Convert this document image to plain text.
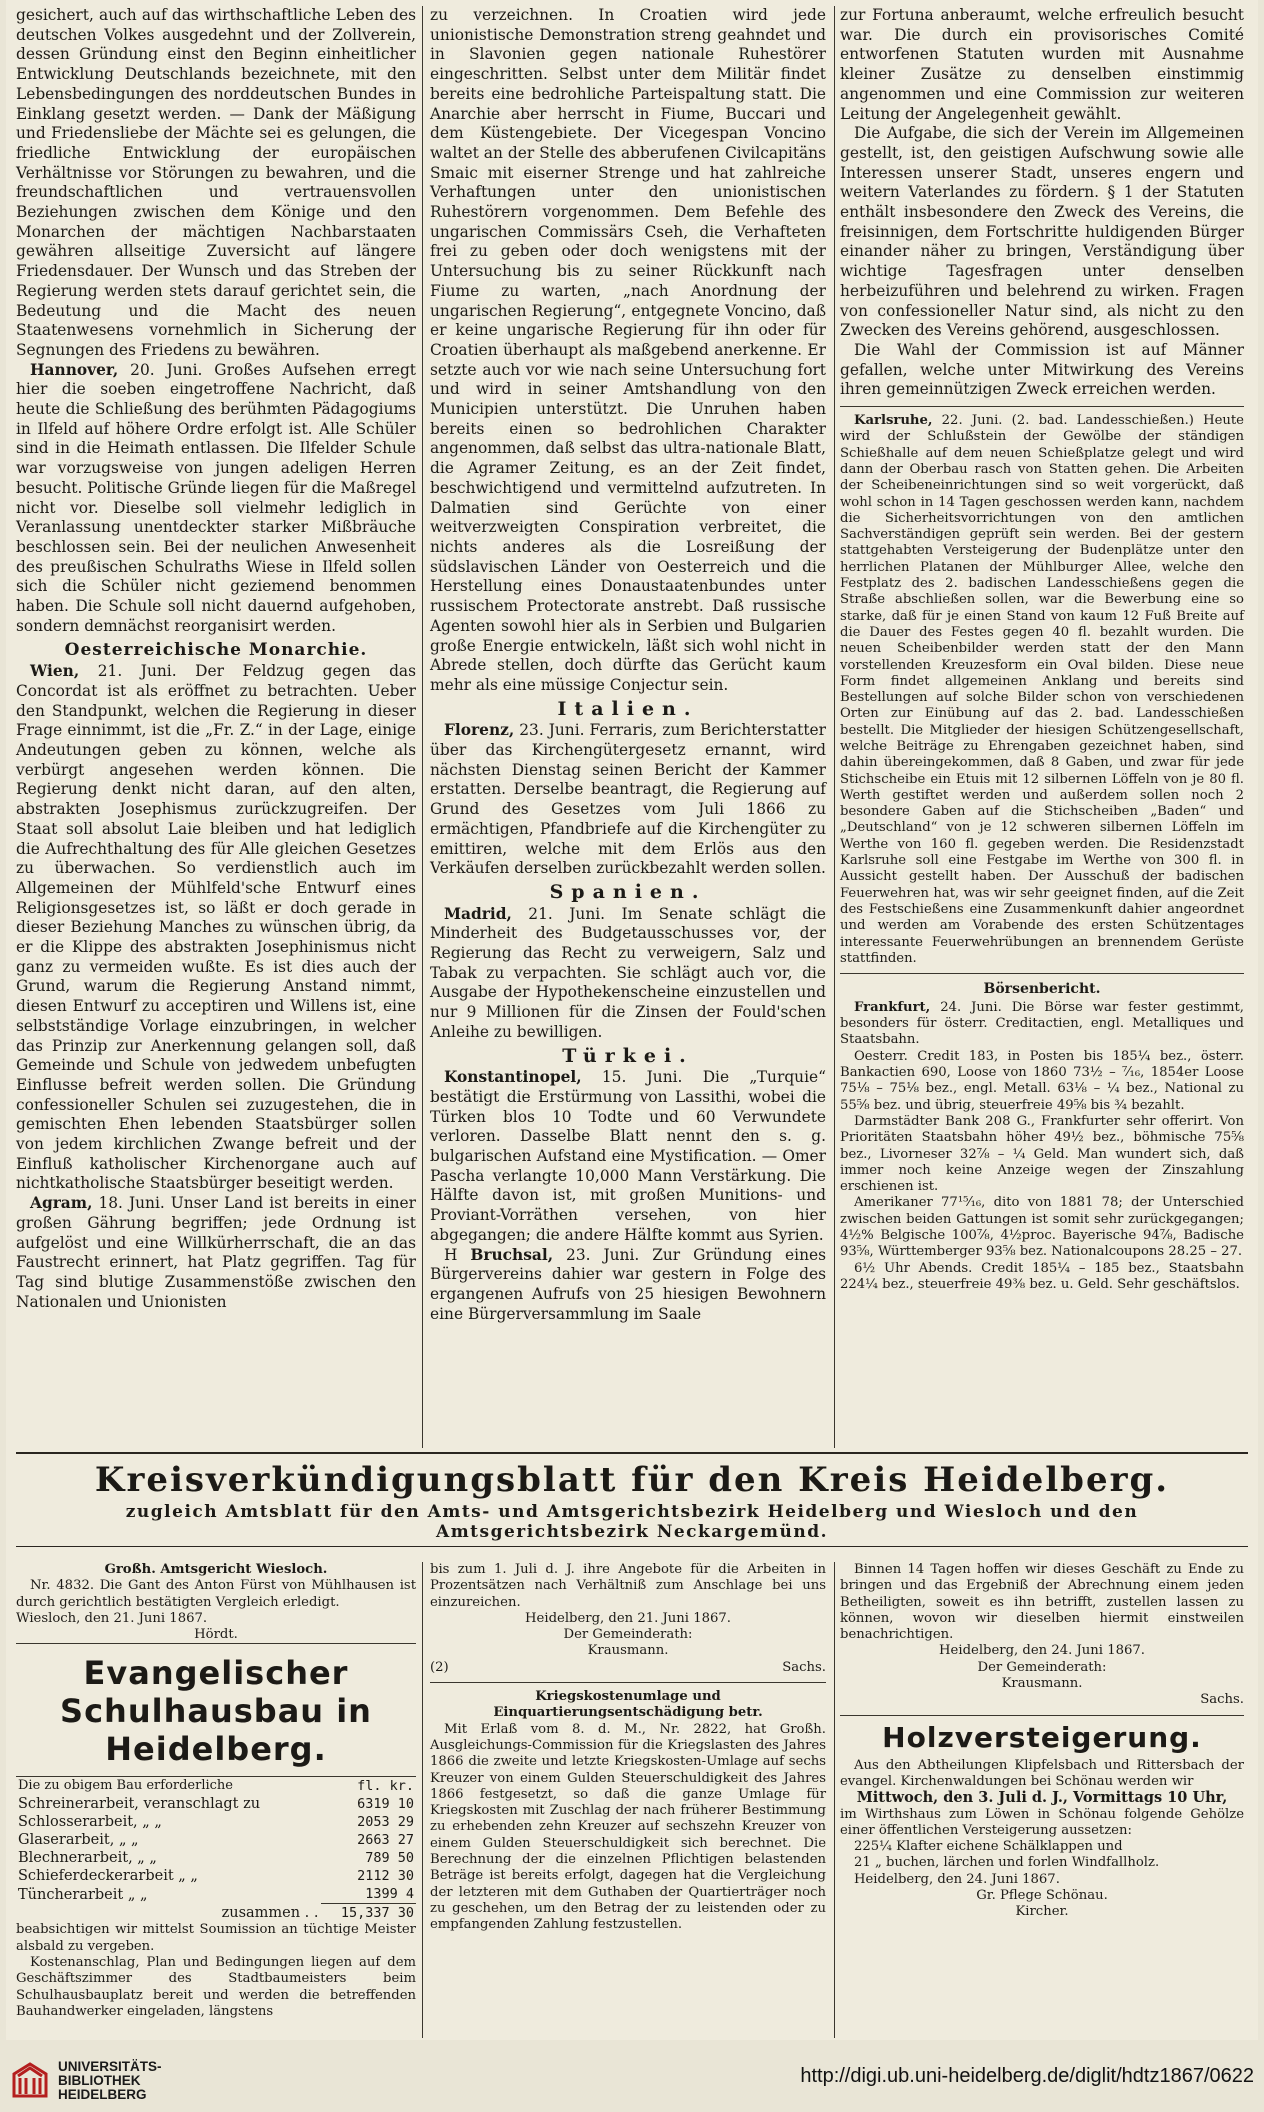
gesichert, auch auf das wirthschaftliche Leben des deutschen Volkes ausgedehnt und der Zollverein, dessen Gründung einst den Beginn einheitlicher Entwicklung Deutschlands bezeichnete, mit den Lebensbedingungen des norddeutschen Bundes in Einklang gesetzt werden. — Dank der Mäßigung und Friedensliebe der Mächte sei es gelungen, die friedliche Entwicklung der europäischen Verhältnisse vor Störungen zu bewahren, und die freundschaftlichen und vertrauensvollen Beziehungen zwischen dem Könige und den Monarchen der mächtigen Nachbarstaaten gewähren allseitige Zuversicht auf längere Friedensdauer. Der Wunsch und das Streben der Regierung werden stets darauf gerichtet sein, die Bedeutung und die Macht des neuen Staatenwesens vornehmlich in Sicherung der Segnungen des Friedens zu bewähren.

Hannover, 20. Juni. Großes Aufsehen erregt hier die soeben eingetroffene Nachricht, daß heute die Schließung des berühmten Pädagogiums in Ilfeld auf höhere Ordre erfolgt ist. Alle Schüler sind in die Heimath entlassen. Die Ilfelder Schule war vorzugsweise von jungen adeligen Herren besucht. Politische Gründe liegen für die Maßregel nicht vor. Dieselbe soll vielmehr lediglich in Veranlassung unentdeckter starker Mißbräuche beschlossen sein. Bei der neulichen Anwesenheit des preußischen Schulraths Wiese in Ilfeld sollen sich die Schüler nicht geziemend benommen haben. Die Schule soll nicht dauernd aufgehoben, sondern demnächst reorganisirt werden.

Oesterreichische Monarchie.

Wien, 21. Juni. Der Feldzug gegen das Concordat ist als eröffnet zu betrachten. Ueber den Standpunkt, welchen die Regierung in dieser Frage einnimmt, ist die „Fr. Z.“ in der Lage, einige Andeutungen geben zu können, welche als verbürgt angesehen werden können. Die Regierung denkt nicht daran, auf den alten, abstrakten Josephismus zurückzugreifen. Der Staat soll absolut Laie bleiben und hat lediglich die Aufrechthaltung des für Alle gleichen Gesetzes zu überwachen. So verdienstlich auch im Allgemeinen der Mühlfeld'sche Entwurf eines Religionsgesetzes ist, so läßt er doch gerade in dieser Beziehung Manches zu wünschen übrig, da er die Klippe des abstrakten Josephinismus nicht ganz zu vermeiden wußte. Es ist dies auch der Grund, warum die Regierung Anstand nimmt, diesen Entwurf zu acceptiren und Willens ist, eine selbstständige Vorlage einzubringen, in welcher das Prinzip zur Anerkennung gelangen soll, daß Gemeinde und Schule von jedwedem unbefugten Einflusse befreit werden sollen. Die Gründung confessioneller Schulen sei zuzugestehen, die in gemischten Ehen lebenden Staatsbürger sollen von jedem kirchlichen Zwange befreit und der Einfluß katholischer Kirchenorgane auch auf nichtkatholische Staatsbürger beseitigt werden.

Agram, 18. Juni. Unser Land ist bereits in einer großen Gährung begriffen; jede Ordnung ist aufgelöst und eine Willkürherrschaft, die an das Faustrecht erinnert, hat Platz gegriffen. Tag für Tag sind blutige Zusammenstöße zwischen den Nationalen und Unionisten

zu verzeichnen. In Croatien wird jede unionistische Demonstration streng geahndet und in Slavonien gegen nationale Ruhestörer eingeschritten. Selbst unter dem Militär findet bereits eine bedrohliche Parteispaltung statt. Die Anarchie aber herrscht in Fiume, Buccari und dem Küstengebiete. Der Vicegespan Voncino waltet an der Stelle des abberufenen Civilcapitäns Smaic mit eiserner Strenge und hat zahlreiche Verhaftungen unter den unionistischen Ruhestörern vorgenommen. Dem Befehle des ungarischen Commissärs Cseh, die Verhafteten frei zu geben oder doch wenigstens mit der Untersuchung bis zu seiner Rückkunft nach Fiume zu warten, „nach Anordnung der ungarischen Regierung“, entgegnete Voncino, daß er keine ungarische Regierung für ihn oder für Croatien überhaupt als maßgebend anerkenne. Er setzte auch vor wie nach seine Untersuchung fort und wird in seiner Amtshandlung von den Municipien unterstützt. Die Unruhen haben bereits einen so bedrohlichen Charakter angenommen, daß selbst das ultra-nationale Blatt, die Agramer Zeitung, es an der Zeit findet, beschwichtigend und vermittelnd aufzutreten. In Dalmatien sind Gerüchte von einer weitverzweigten Conspiration verbreitet, die nichts anderes als die Losreißung der südslavischen Länder von Oesterreich und die Herstellung eines Donaustaatenbundes unter russischem Protectorate anstrebt. Daß russische Agenten sowohl hier als in Serbien und Bulgarien große Energie entwickeln, läßt sich wohl nicht in Abrede stellen, doch dürfte das Gerücht kaum mehr als eine müssige Conjectur sein.

Italien.

Florenz, 23. Juni. Ferraris, zum Berichterstatter über das Kirchengütergesetz ernannt, wird nächsten Dienstag seinen Bericht der Kammer erstatten. Derselbe beantragt, die Regierung auf Grund des Gesetzes vom Juli 1866 zu ermächtigen, Pfandbriefe auf die Kirchengüter zu emittiren, welche mit dem Erlös aus den Verkäufen derselben zurückbezahlt werden sollen.

Spanien.

Madrid, 21. Juni. Im Senate schlägt die Minderheit des Budgetausschusses vor, der Regierung das Recht zu verweigern, Salz und Tabak zu verpachten. Sie schlägt auch vor, die Ausgabe der Hypothekenscheine einzustellen und nur 9 Millionen für die Zinsen der Fould'schen Anleihe zu bewilligen.

Türkei.

Konstantinopel, 15. Juni. Die „Turquie“ bestätigt die Erstürmung von Lassithi, wobei die Türken blos 10 Todte und 60 Verwundete verloren. Dasselbe Blatt nennt den s. g. bulgarischen Aufstand eine Mystification. — Omer Pascha verlangte 10,000 Mann Verstärkung. Die Hälfte davon ist, mit großen Munitions- und Proviant-Vorräthen versehen, von hier abgegangen; die andere Hälfte kommt aus Syrien.

H Bruchsal, 23. Juni. Zur Gründung eines Bürgervereins dahier war gestern in Folge des ergangenen Aufrufs von 25 hiesigen Bewohnern eine Bürgerversammlung im Saale

zur Fortuna anberaumt, welche erfreulich besucht war. Die durch ein provisorisches Comité entworfenen Statuten wurden mit Ausnahme kleiner Zusätze zu denselben einstimmig angenommen und eine Commission zur weiteren Leitung der Angelegenheit gewählt.

Die Aufgabe, die sich der Verein im Allgemeinen gestellt, ist, den geistigen Aufschwung sowie alle Interessen unserer Stadt, unseres engern und weitern Vaterlandes zu fördern. § 1 der Statuten enthält insbesondere den Zweck des Vereins, die freisinnigen, dem Fortschritte huldigenden Bürger einander näher zu bringen, Verständigung über wichtige Tagesfragen unter denselben herbeizuführen und belehrend zu wirken. Fragen von confessioneller Natur sind, als nicht zu den Zwecken des Vereins gehörend, ausgeschlossen.

Die Wahl der Commission ist auf Männer gefallen, welche unter Mitwirkung des Vereins ihren gemeinnützigen Zweck erreichen werden.

Karlsruhe, 22. Juni. (2. bad. Landesschießen.) Heute wird der Schlußstein der Gewölbe der ständigen Schießhalle auf dem neuen Schießplatze gelegt und wird dann der Oberbau rasch von Statten gehen. Die Arbeiten der Scheibeneinrichtungen sind so weit vorgerückt, daß wohl schon in 14 Tagen geschossen werden kann, nachdem die Sicherheitsvorrichtungen von den amtlichen Sachverständigen geprüft sein werden. Bei der gestern stattgehabten Versteigerung der Budenplätze unter den herrlichen Platanen der Mühlburger Allee, welche den Festplatz des 2. badischen Landesschießens gegen die Straße abschließen sollen, war die Bewerbung eine so starke, daß für je einen Stand von kaum 12 Fuß Breite auf die Dauer des Festes gegen 40 fl. bezahlt wurden. Die neuen Scheibenbilder werden statt der den Mann vorstellenden Kreuzesform ein Oval bilden. Diese neue Form findet allgemeinen Anklang und bereits sind Bestellungen auf solche Bilder schon von verschiedenen Orten zur Einübung auf das 2. bad. Landesschießen bestellt. Die Mitglieder der hiesigen Schützengesellschaft, welche Beiträge zu Ehrengaben gezeichnet haben, sind dahin übereingekommen, daß 8 Gaben, und zwar für jede Stichscheibe ein Etuis mit 12 silbernen Löffeln von je 80 fl. Werth gestiftet werden und außerdem sollen noch 2 besondere Gaben auf die Stichscheiben „Baden“ und „Deutschland“ von je 12 schweren silbernen Löffeln im Werthe von 160 fl. gegeben werden. Die Residenzstadt Karlsruhe soll eine Festgabe im Werthe von 300 fl. in Aussicht gestellt haben. Der Ausschuß der badischen Feuerwehren hat, was wir sehr geeignet finden, auf die Zeit des Festschießens eine Zusammenkunft dahier angeordnet und werden am Vorabende des ersten Schützentages interessante Feuerwehrübungen an brennendem Gerüste stattfinden.

Börsenbericht.

Frankfurt, 24. Juni. Die Börse war fester gestimmt, besonders für österr. Creditactien, engl. Metalliques und Staatsbahn.

Oesterr. Credit 183, in Posten bis 185¼ bez., österr. Bankactien 690, Loose von 1860 73½ – ⁷⁄₁₆, 1854er Loose 75⅛ – 75⅛ bez., engl. Metall. 63⅛ – ¼ bez., National zu 55⅝ bez. und übrig, steuerfreie 49⅝ bis ¾ bezahlt.

Darmstädter Bank 208 G., Frankfurter sehr offerirt. Von Prioritäten Staatsbahn höher 49½ bez., böhmische 75⅝ bez., Livorneser 32⅞ – ¼ Geld. Man wundert sich, daß immer noch keine Anzeige wegen der Zinszahlung erschienen ist.

Amerikaner 77¹⁵⁄₁₆, dito von 1881 78; der Unterschied zwischen beiden Gattungen ist somit sehr zurückgegangen; 4½% Belgische 100⅞, 4½proc. Bayerische 94⅞, Badische 93⅝, Württemberger 93⅝ bez. Nationalcoupons 28.25 – 27.

6½ Uhr Abends. Credit 185¼ – 185 bez., Staatsbahn 224¼ bez., steuerfreie 49⅜ bez. u. Geld. Sehr geschäftslos.

Kreisverkündigungsblatt für den Kreis Heidelberg.
zugleich Amtsblatt für den Amts- und Amtsgerichtsbezirk Heidelberg und Wiesloch und den Amtsgerichtsbezirk Neckargemünd.
Großh. Amtsgericht Wiesloch.

Nr. 4832. Die Gant des Anton Fürst von Mühlhausen ist durch gerichtlich bestätigten Vergleich erledigt.

Wiesloch, den 21. Juni 1867.

Hördt.

Evangelischer Schulhausbau in Heidelberg.
Die zu obigem Bau erforderliche	fl. kr.
Schreinerarbeit, veranschlagt zu	6319 10
Schlosserarbeit, „ „	2053 29
Glaserarbeit, „ „	2663 27
Blechnerarbeit, „ „	789 50
Schieferdeckerarbeit „ „	2112 30
Tüncherarbeit „ „	1399 4
zusammen . .	15,337 30

beabsichtigen wir mittelst Soumission an tüchtige Meister alsbald zu vergeben.

Kostenanschlag, Plan und Bedingungen liegen auf dem Geschäftszimmer des Stadtbaumeisters beim Schulhausbauplatz bereit und werden die betreffenden Bauhandwerker eingeladen, längstens

bis zum 1. Juli d. J. ihre Angebote für die Arbeiten in Prozentsätzen nach Verhältniß zum Anschlage bei uns einzureichen.

Heidelberg, den 21. Juni 1867.

Der Gemeinderath:

Krausmann.

(2)	Sachs.
Kriegskostenumlage und Einquartierungsentschädigung betr.

Mit Erlaß vom 8. d. M., Nr. 2822, hat Großh. Ausgleichungs-Commission für die Kriegslasten des Jahres 1866 die zweite und letzte Kriegskosten-Umlage auf sechs Kreuzer von einem Gulden Steuerschuldigkeit des Jahres 1866 festgesetzt, so daß die ganze Umlage für Kriegskosten mit Zuschlag der nach früherer Bestimmung zu erhebenden zehn Kreuzer auf sechszehn Kreuzer von einem Gulden Steuerschuldigkeit sich berechnet. Die Berechnung der die einzelnen Pflichtigen belastenden Beträge ist bereits erfolgt, dagegen hat die Vergleichung der letzteren mit dem Guthaben der Quartierträger noch zu geschehen, um den Betrag der zu leistenden oder zu empfangenden Zahlung festzustellen.

Binnen 14 Tagen hoffen wir dieses Geschäft zu Ende zu bringen und das Ergebniß der Abrechnung einem jeden Betheiligten, soweit es ihn betrifft, zustellen lassen zu können, wovon wir dieselben hiermit einstweilen benachrichtigen.

Heidelberg, den 24. Juni 1867.

Der Gemeinderath:

Krausmann.

Sachs.

Holzversteigerung.

Aus den Abtheilungen Klipfelsbach und Rittersbach der evangel. Kirchenwaldungen bei Schönau werden wir

Mittwoch, den 3. Juli d. J., Vormittags 10 Uhr,

im Wirthshaus zum Löwen in Schönau folgende Gehölze einer öffentlichen Versteigerung aussetzen:

225¼ Klafter eichene Schälklappen und

21 „ buchen, lärchen und forlen Windfallholz.

Heidelberg, den 24. Juni 1867.

Gr. Pflege Schönau.

Kircher.

UNIVERSITÄTS-
BIBLIOTHEK
HEIDELBERG
http://digi.ub.uni-heidelberg.de/diglit/hdtz1867/0622
